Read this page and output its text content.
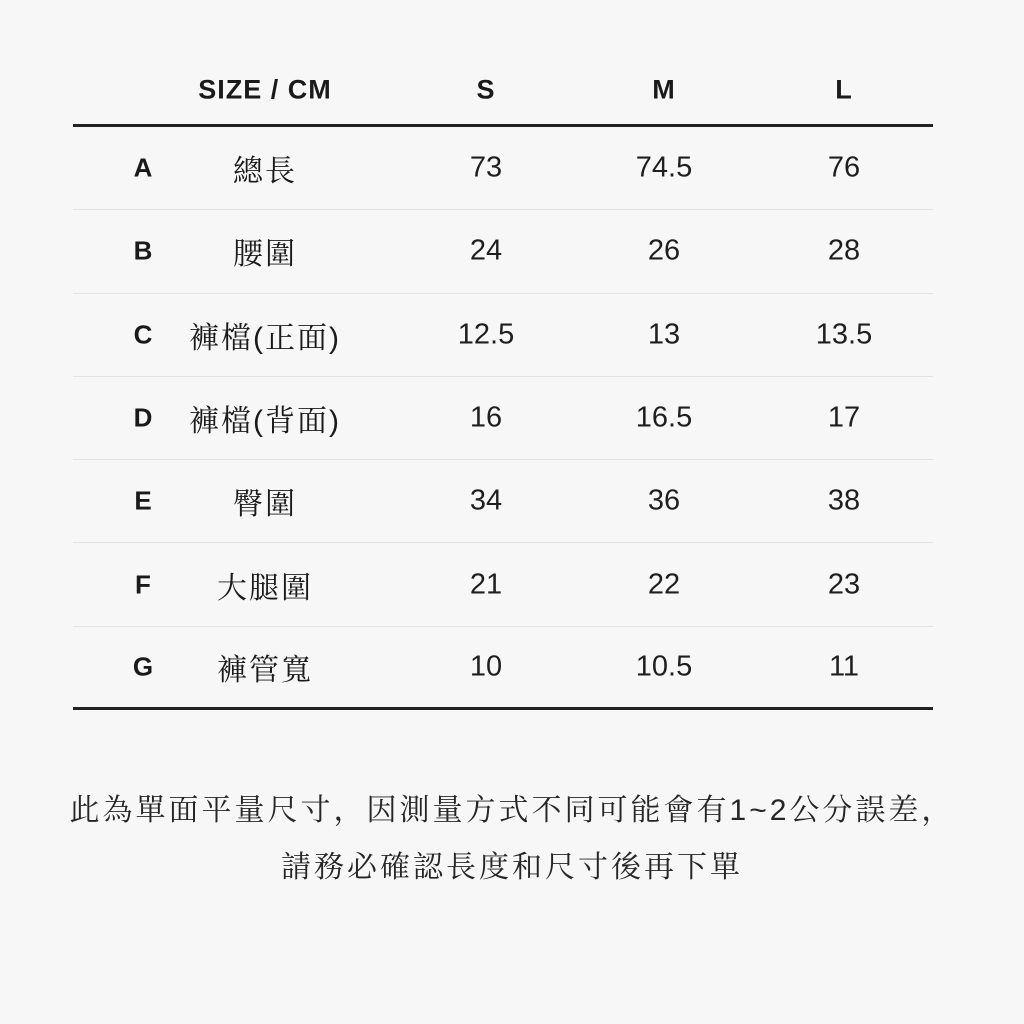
SIZE / CM	S	M	L
A	總長	73	74.5	76
B	腰圍	24	26	28
C 褲檔(正面)	12.5	13	13.5
D 褲檔(背面)	16	16.5	17
E	臀圍	34	36	38
F 大腿圍	21	22	23
G 褲管寬	10	10.5	11

此為單面平量尺寸，因測量方式不同可能會有1~2公分誤差，

請務必確認長度和尺寸後再下單
